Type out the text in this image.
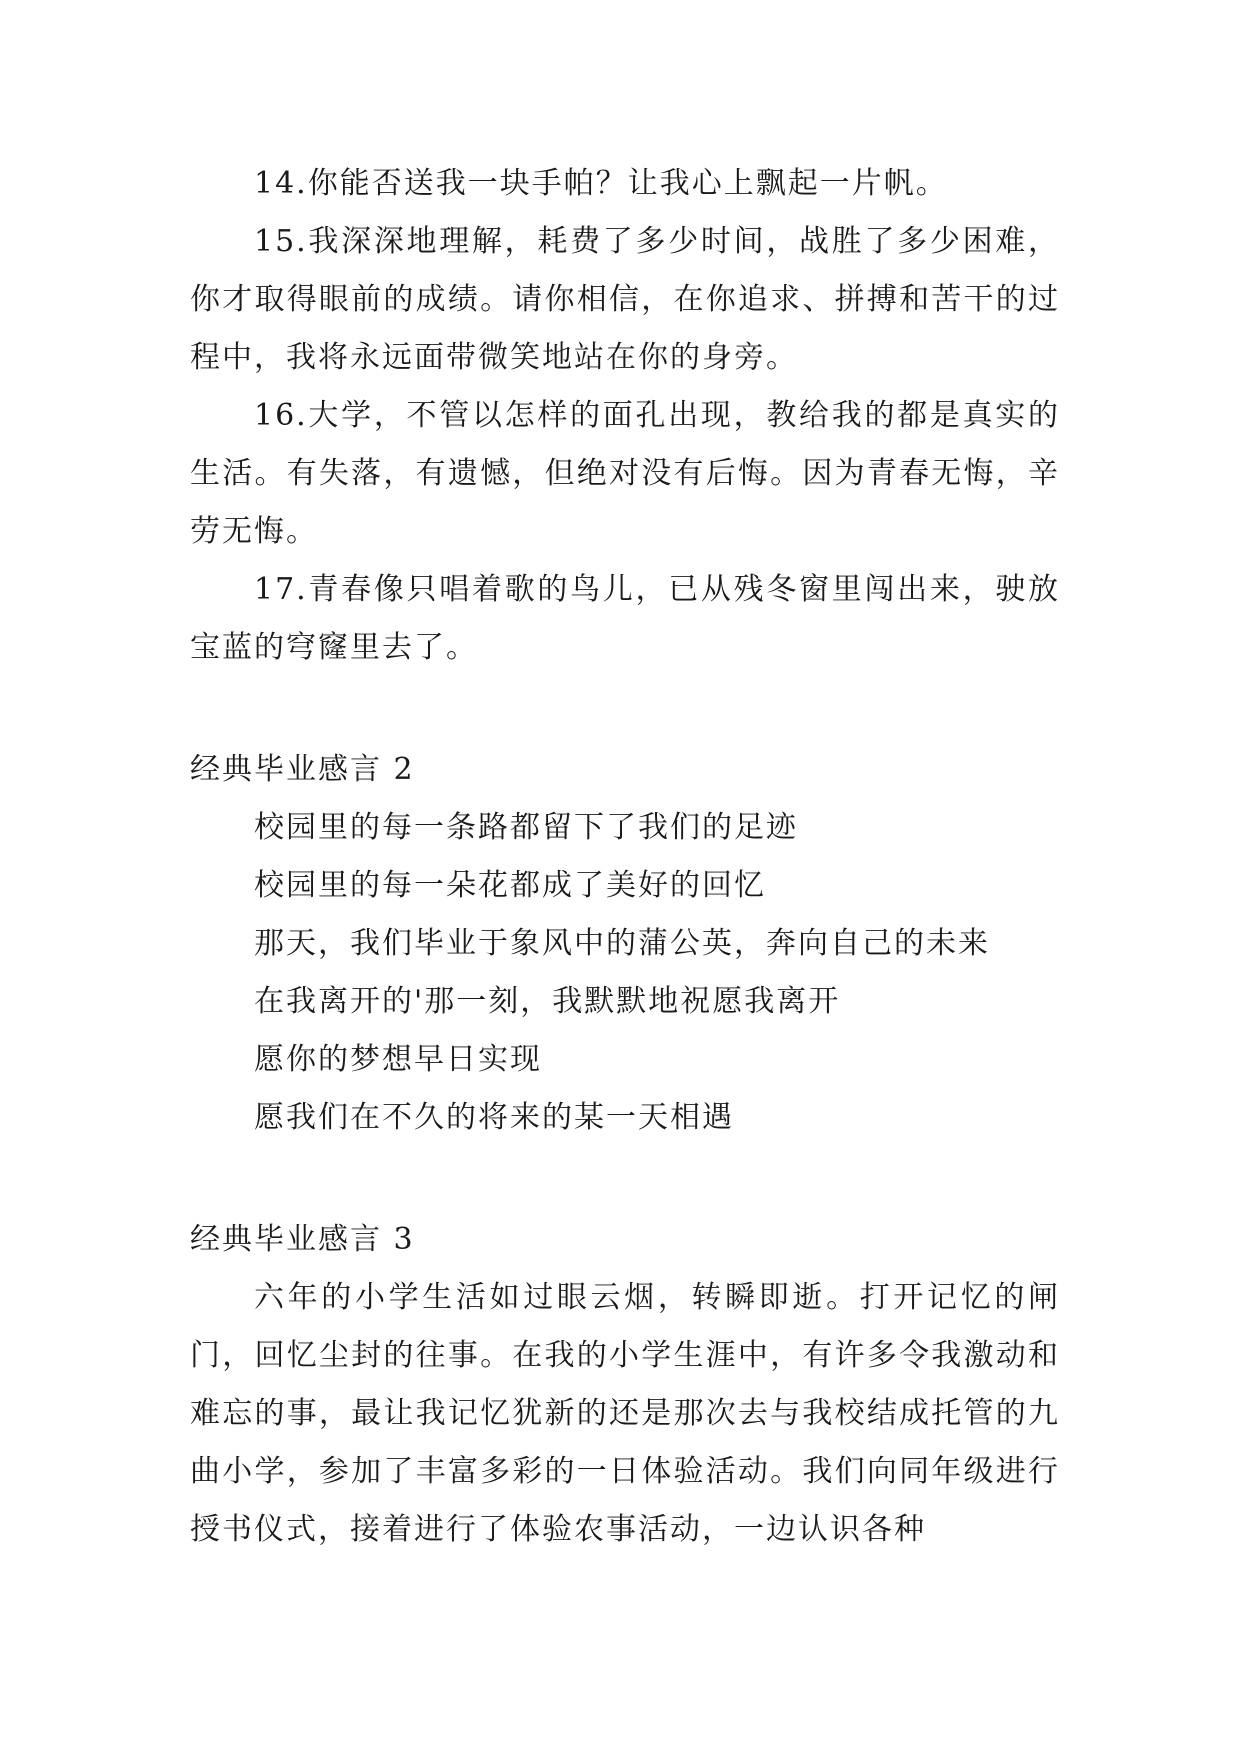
14.你能否送我一块手帕？让我心上飘起一片帆。

15.我深深地理解，耗费了多少时间，战胜了多少困难，你才取得眼前的成绩。请你相信，在你追求、拼搏和苦干的过程中，我将永远面带微笑地站在你的身旁。

16.大学，不管以怎样的面孔出现，教给我的都是真实的生活。有失落，有遗憾，但绝对没有后悔。因为青春无悔，辛劳无悔。

17.青春像只唱着歌的鸟儿，已从残冬窗里闯出来，驶放宝蓝的穹窿里去了。

经典毕业感言 2

校园里的每一条路都留下了我们的足迹

校园里的每一朵花都成了美好的回忆

那天，我们毕业于象风中的蒲公英，奔向自己的未来

在我离开的'那一刻，我默默地祝愿我离开

愿你的梦想早日实现

愿我们在不久的将来的某一天相遇

经典毕业感言 3

六年的小学生活如过眼云烟，转瞬即逝。打开记忆的闸门，回忆尘封的往事。在我的小学生涯中，有许多令我激动和难忘的事，最让我记忆犹新的还是那次去与我校结成托管的九曲小学，参加了丰富多彩的一日体验活动。我们向同年级进行授书仪式，接着进行了体验农事活动，一边认识各种
